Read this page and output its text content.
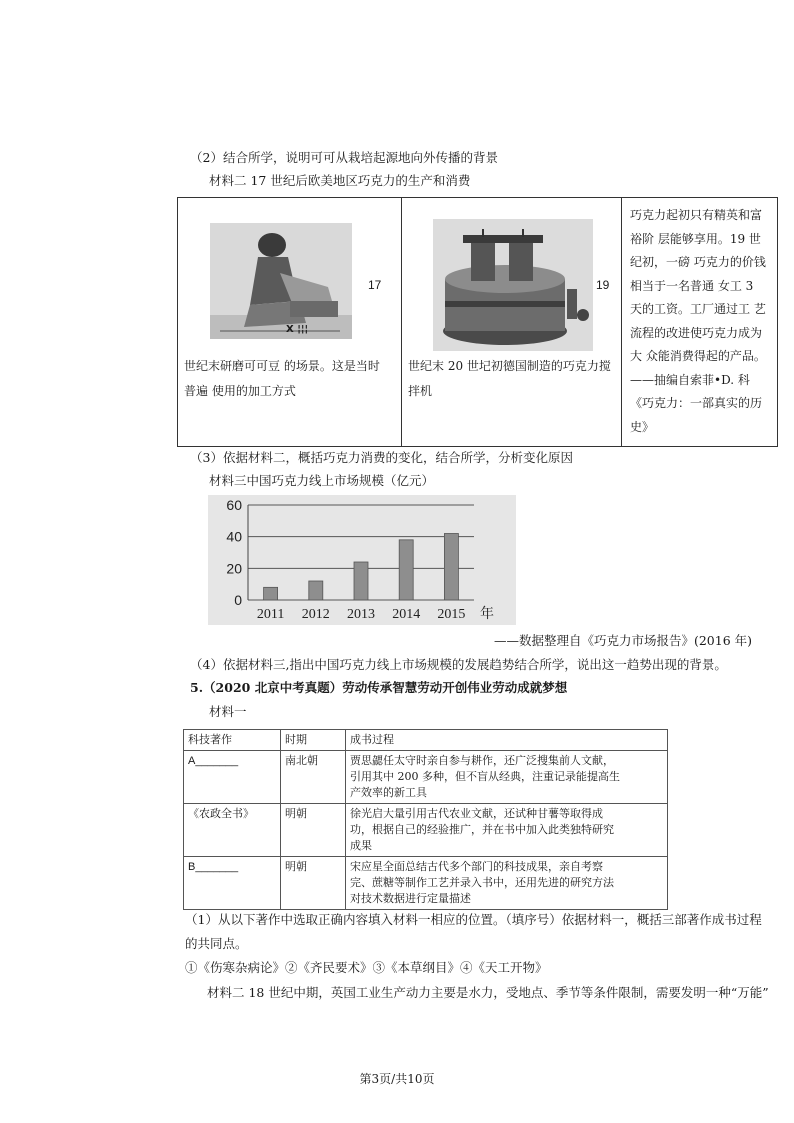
（2）结合所学，说明可可从栽培起源地向外传播的背景
材料二 17 世纪后欧美地区巧克力的生产和消费
X ¦¦¦
17
世纪末研磨可可豆 的场景。这是当时
普遍 使用的加工方式
19
世纪末 20 世圮初德国制造的巧克力搅
拌机
巧克力起初只有精英和富裕阶 层能够享用。19 世纪初，一磅 巧克力的价钱相当于一名普通 女工 3 天的工资。工厂通过工 艺流程的改进使巧克力成为大 众能消费得起的产品。——抽编自索菲•D. 科《巧克力：一部真实的历史》
（3）依据材料二，概括巧克力消费的变化，结合所学，分析变化原因
材料三中国巧克力线上市场规模（亿元）
0
20
40
60
2011 2012 2013 2014 2015 年
——数据整理自《巧克力市场报告》(2016 年)
（4）依据材料三,指出中国巧克力线上市场规模的发展趋势结合所学，说出这一趋势出现的背景。
5.（2020 北京中考真题）劳动传承智慧劳动开创伟业劳动成就梦想
材料一
科技著作	时期	成书过程
A_______	南北朝	贾思勰任太守时亲自参与耕作，还广泛搜集前人文献，
引用其中 200 多种，但不盲从经典，注重记录能提高生
产效率的新工具

《农政全书》	明朝	徐光启大量引用古代农业文献，还试种甘薯等取得成
功，根据自己的经验推广，并在书中加入此类独特研究
成果

B_______	明朝	宋应星全面总结古代多个部门的科技成果，亲自考察
完、蔗糖等制作工艺并录入书中，还用先进的研究方法
对技术数据进行定量描述
（1）从以下著作中选取正确内容填入材料一相应的位置。（填序号）依据材料一，概括三部著作成书过程
的共同点。
①《伤寒杂病论》②《齐民要术》③《本草纲目》④《天工开物》
材料二 18 世纪中期，英国工业生产动力主要是水力，受地点、季节等条件限制，需要发明一种“万能”
第3页/共10页
